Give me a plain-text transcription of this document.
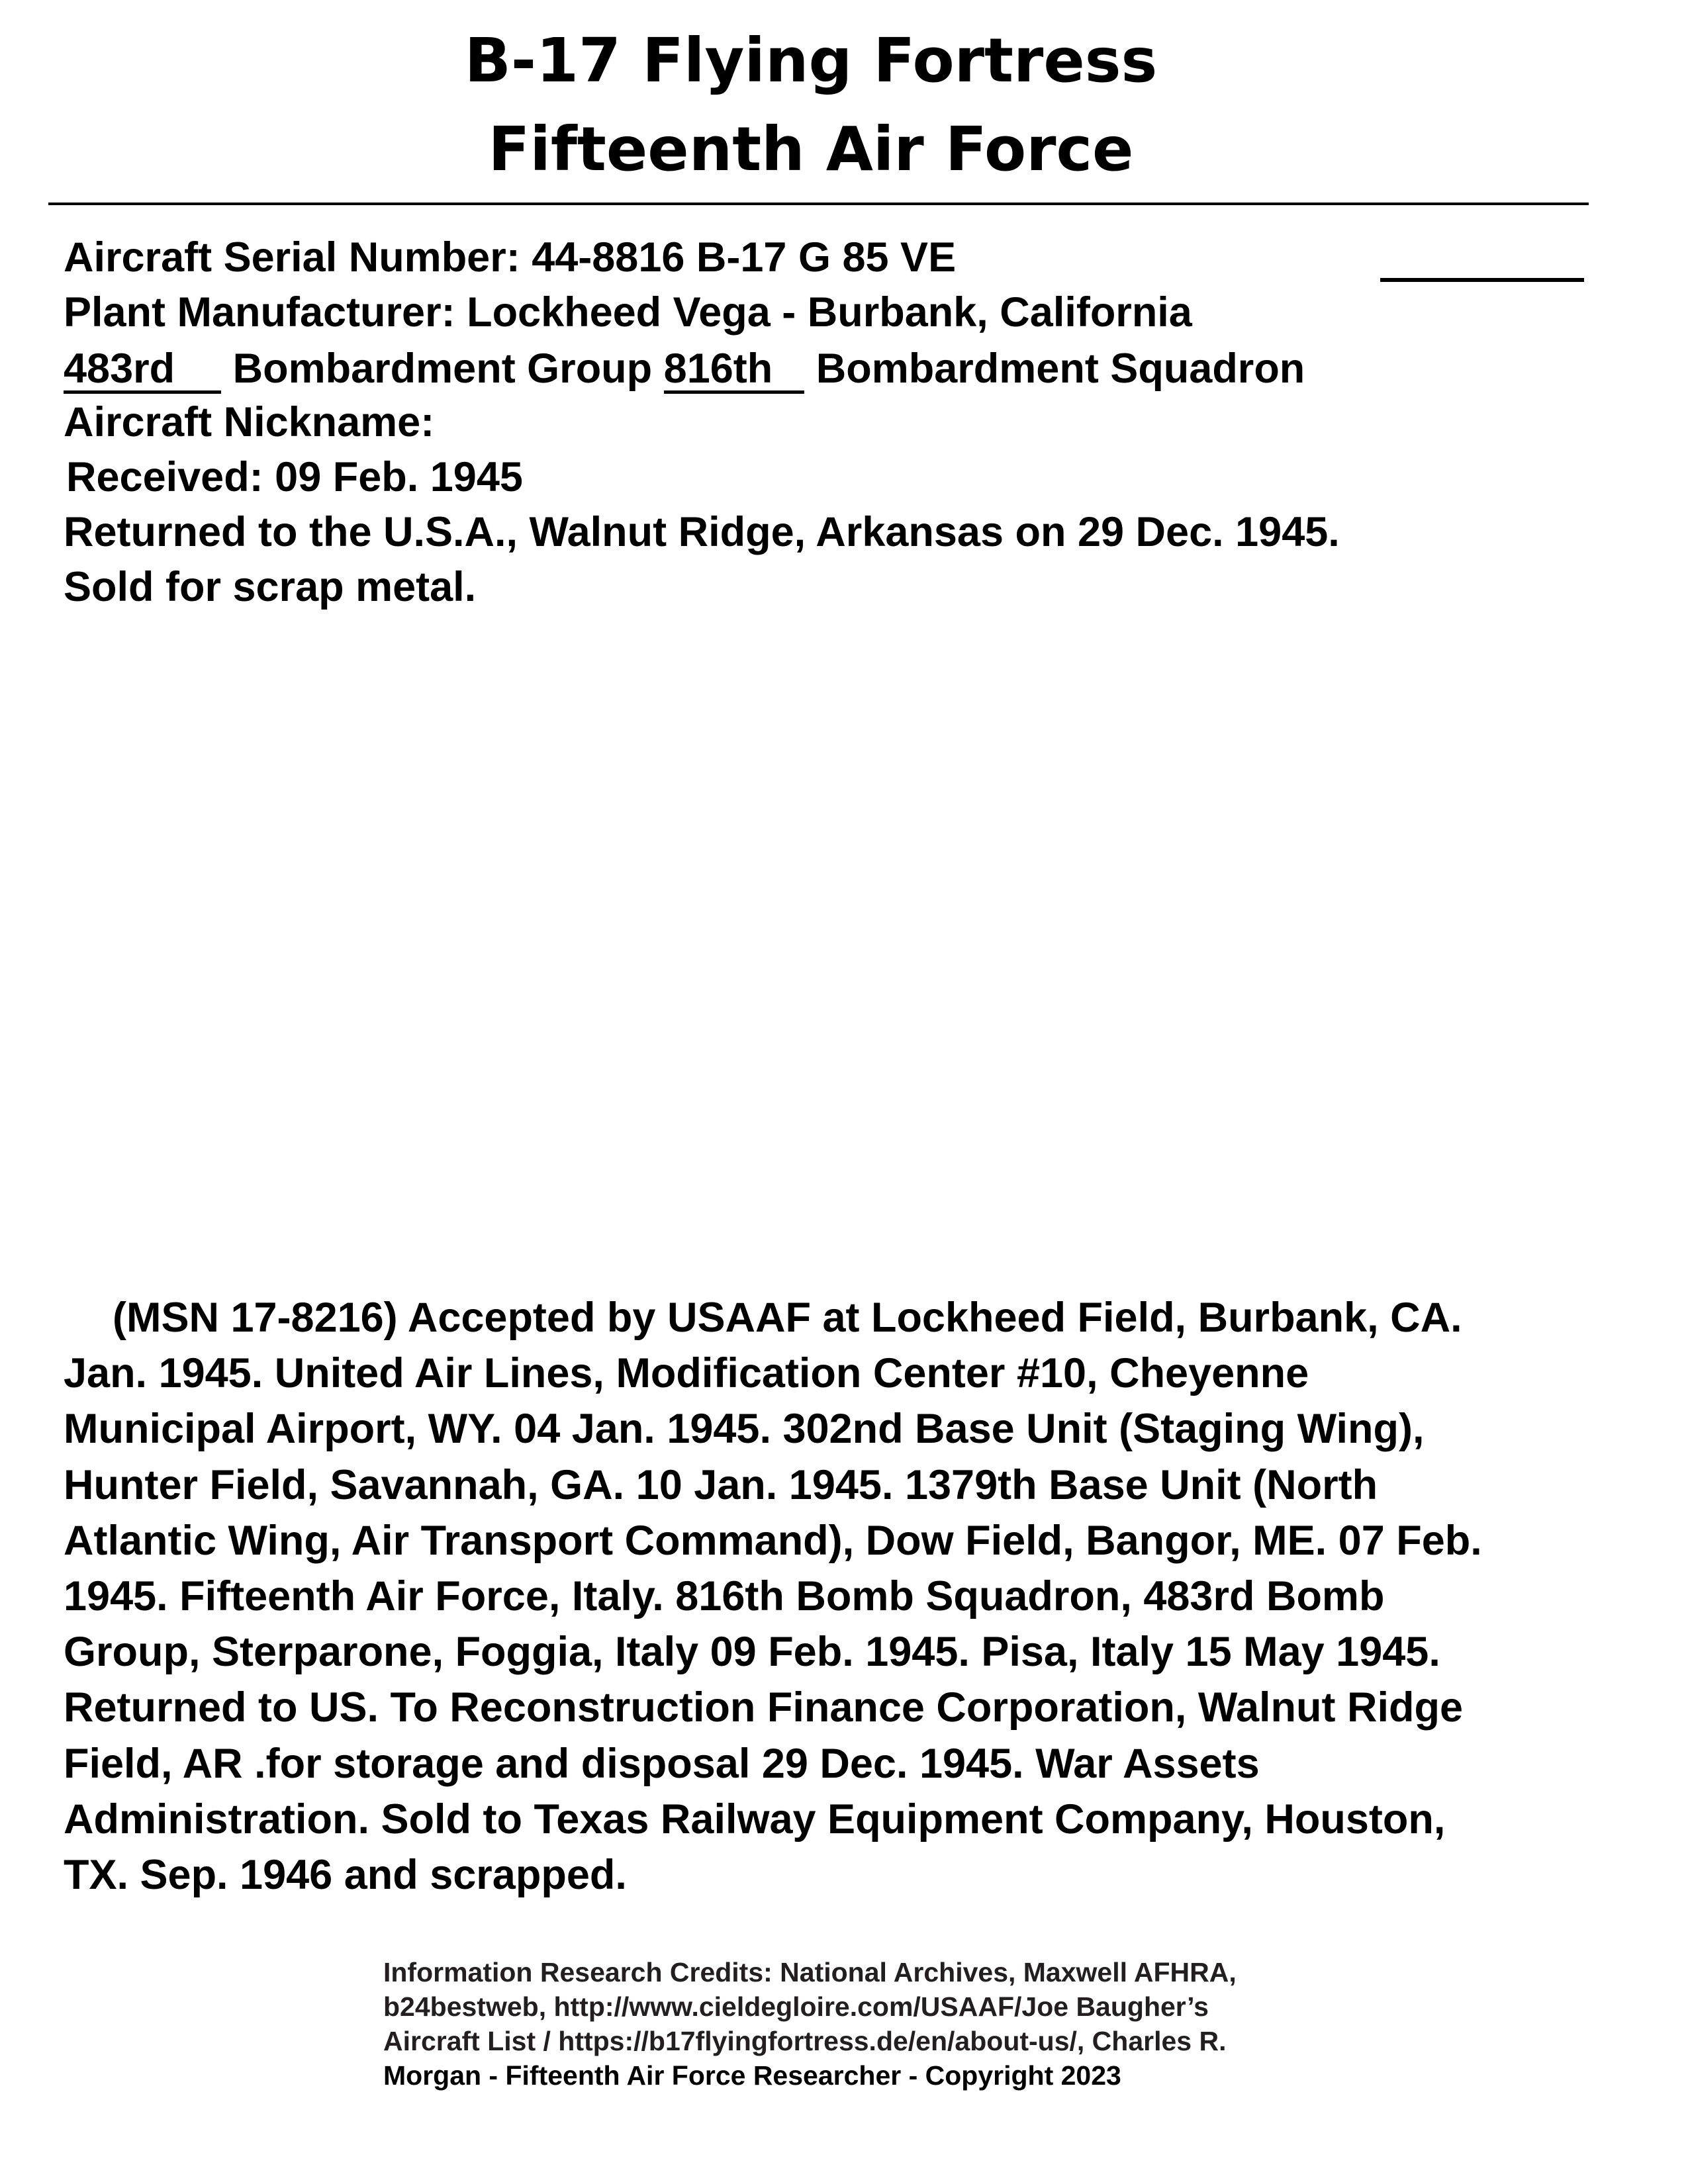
B-17 Flying Fortress
Fifteenth Air Force
Aircraft Serial Number: 44-8816 B-17 G 85 VE
Plant Manufacturer: Lockheed Vega - Burbank, California
483rd Bombardment Group 816th Bombardment Squadron
Aircraft Nickname:
Received: 09 Feb. 1945
Returned to the U.S.A., Walnut Ridge, Arkansas on 29 Dec. 1945.
Sold for scrap metal.
(MSN 17-8216) Accepted by USAAF at Lockheed Field, Burbank, CA.
Jan. 1945. United Air Lines, Modification Center #10, Cheyenne
Municipal Airport, WY. 04 Jan. 1945. 302nd Base Unit (Staging Wing),
Hunter Field, Savannah, GA. 10 Jan. 1945. 1379th Base Unit (North
Atlantic Wing, Air Transport Command), Dow Field, Bangor, ME. 07 Feb.
1945. Fifteenth Air Force, Italy. 816th Bomb Squadron, 483rd Bomb
Group, Sterparone, Foggia, Italy 09 Feb. 1945. Pisa, Italy 15 May 1945.
Returned to US. To Reconstruction Finance Corporation, Walnut Ridge
Field, AR .for storage and disposal 29 Dec. 1945. War Assets
Administration. Sold to Texas Railway Equipment Company, Houston,
TX. Sep. 1946 and scrapped.
Information Research Credits: National Archives, Maxwell AFHRA,
b24bestweb, http://www.cieldegloire.com/USAAF/Joe Baugher’s
Aircraft List / https://b17flyingfortress.de/en/about-us/, Charles R.
Morgan - Fifteenth Air Force Researcher - Copyright 2023
